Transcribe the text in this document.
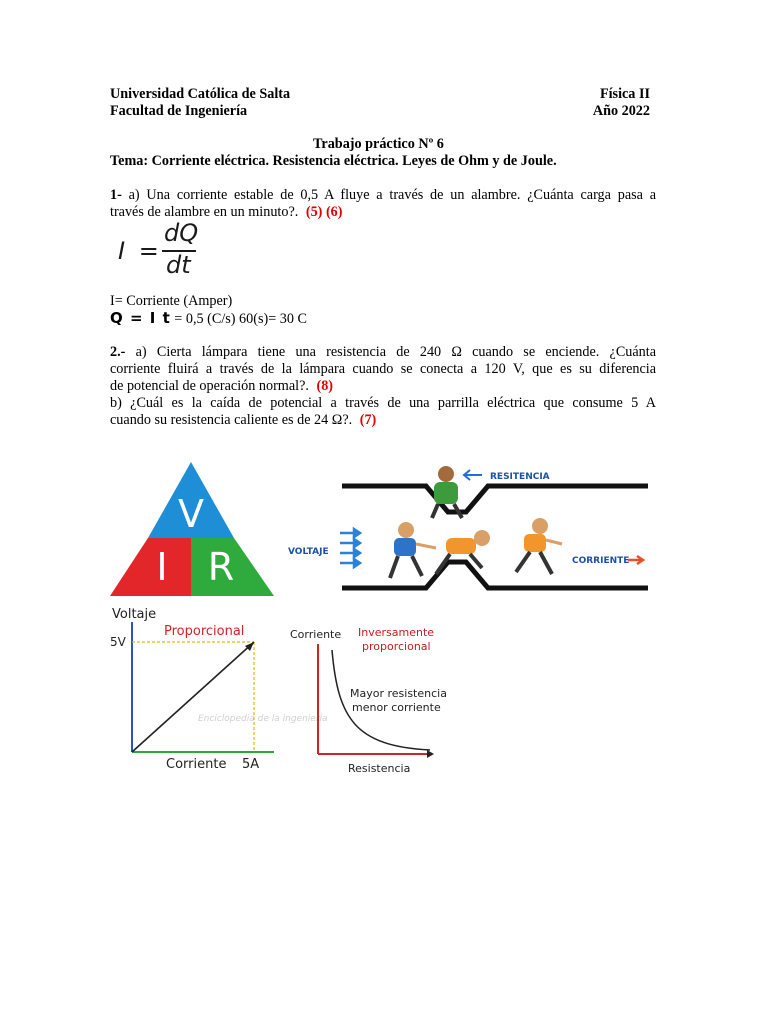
Universidad Católica de Salta
Facultad de Ingeniería
Física II
Año 2022
Trabajo práctico Nº 6
Tema: Corriente eléctrica. Resistencia eléctrica. Leyes de Ohm y de Joule.
1- a) Una corriente estable de 0,5 A fluye a través de un alambre. ¿Cuánta carga pasa a
través de alambre en un minuto?. (5) (6)
I =
dQ
dt
I= Corriente (Amper)
Q = I t = 0,5 (C/s) 60(s)= 30 C
2.- a) Cierta lámpara tiene una resistencia de 240 Ω cuando se enciende. ¿Cuánta
corriente fluirá a través de la lámpara cuando se conecta a 120 V, que es su diferencia
de potencial de operación normal?. (8)
b) ¿Cuál es la caída de potencial a través de una parrilla eléctrica que consume 5 A
cuando su resistencia caliente es de 24 Ω?. (7)
V
I R
RESITENCIA
VOLTAJE
CORRIENTE
Enciclopedia de la ingeniería
Voltaje
Proporcional
5V
Corriente 5A
Corriente Inversamente
proporcional
Mayor resistencia
menor corriente
Resistencia
